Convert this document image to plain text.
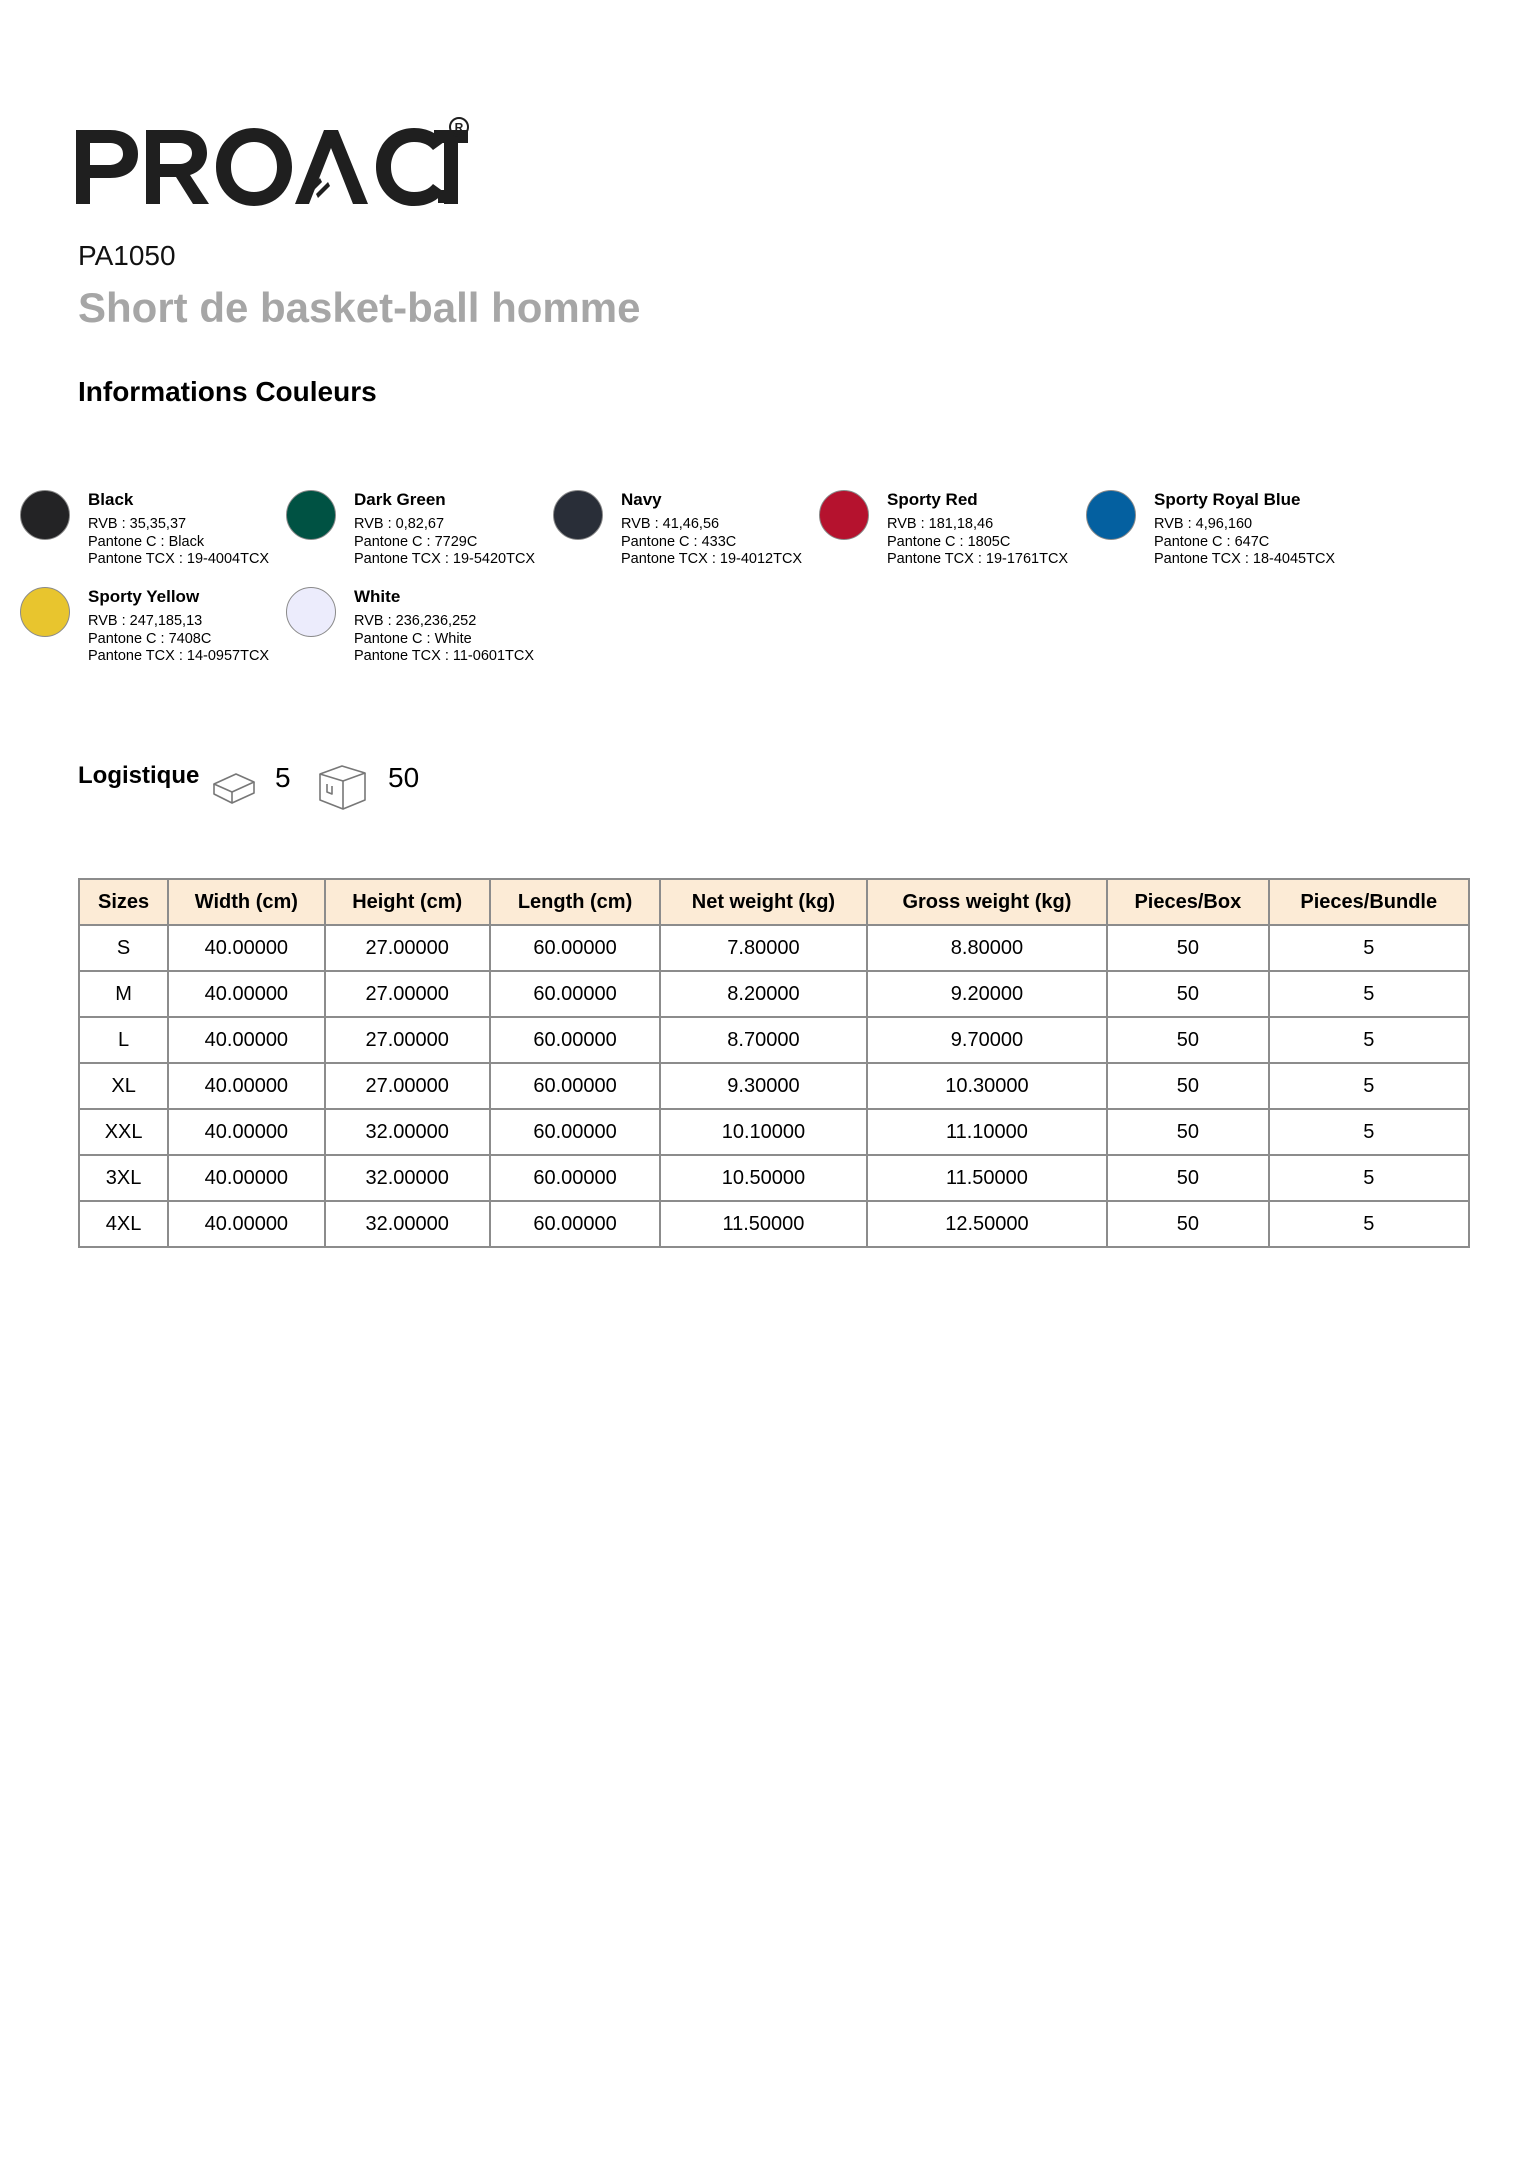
R
PA1050
Short de basket-ball homme
Informations Couleurs
Black
RVB : 35,35,37
Pantone C : Black
Pantone TCX : 19-4004TCX
Dark Green
RVB : 0,82,67
Pantone C : 7729C
Pantone TCX : 19-5420TCX
Navy
RVB : 41,46,56
Pantone C : 433C
Pantone TCX : 19-4012TCX
Sporty Red
RVB : 181,18,46
Pantone C : 1805C
Pantone TCX : 19-1761TCX
Sporty Royal Blue
RVB : 4,96,160
Pantone C : 647C
Pantone TCX : 18-4045TCX
Sporty Yellow
RVB : 247,185,13
Pantone C : 7408C
Pantone TCX : 14-0957TCX
White
RVB : 236,236,252
Pantone C : White
Pantone TCX : 11-0601TCX
Logistique	5	50
Sizes	Width (cm)	Height (cm)	Length (cm)	Net weight (kg)	Gross weight (kg)	Pieces/Box	Pieces/Bundle
S	40.00000	27.00000	60.00000	7.80000	8.80000	50	5
M	40.00000	27.00000	60.00000	8.20000	9.20000	50	5
L	40.00000	27.00000	60.00000	8.70000	9.70000	50	5
XL	40.00000	27.00000	60.00000	9.30000	10.30000	50	5
XXL	40.00000	32.00000	60.00000	10.10000	11.10000	50	5
3XL	40.00000	32.00000	60.00000	10.50000	11.50000	50	5
4XL	40.00000	32.00000	60.00000	11.50000	12.50000	50	5
